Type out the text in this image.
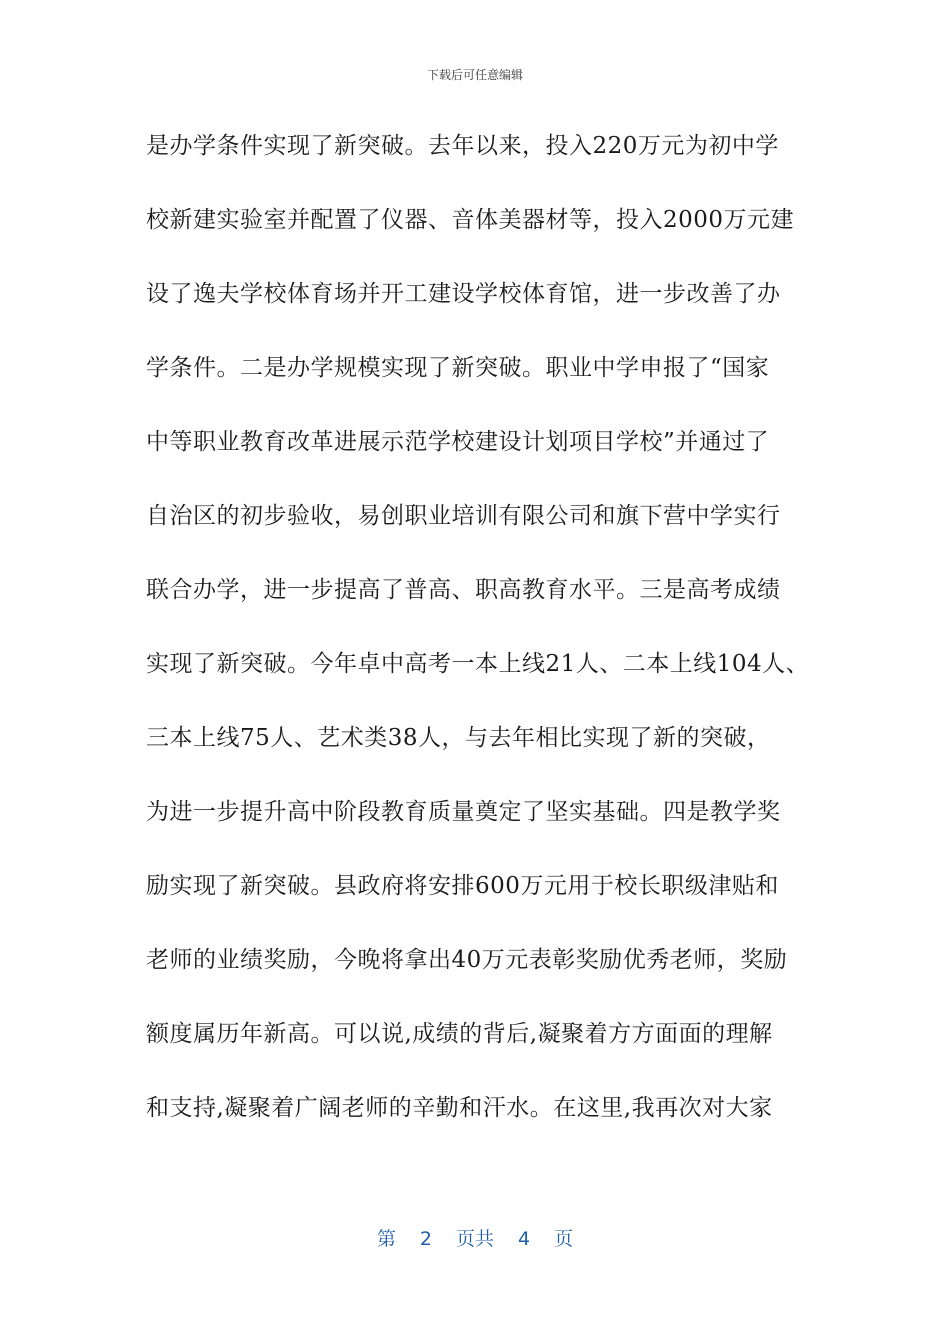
下载后可任意编辑
是办学条件实现了新突破。去年以来，投入220万元为初中学
校新建实验室并配置了仪器、音体美器材等，投入2000万元建
设了逸夫学校体育场并开工建设学校体育馆，进一步改善了办
学条件。二是办学规模实现了新突破。职业中学申报了“国家
中等职业教育改革进展示范学校建设计划项目学校”并通过了
自治区的初步验收，易创职业培训有限公司和旗下营中学实行
联合办学，进一步提高了普高、职高教育水平。三是高考成绩
实现了新突破。今年卓中高考一本上线21人、二本上线104人、
三本上线75人、艺术类38人，与去年相比实现了新的突破，
为进一步提升高中阶段教育质量奠定了坚实基础。四是教学奖
励实现了新突破。县政府将安排600万元用于校长职级津贴和
老师的业绩奖励，今晚将拿出40万元表彰奖励优秀老师，奖励
额度属历年新高。可以说,成绩的背后,凝聚着方方面面的理解
和支持,凝聚着广阔老师的辛勤和汗水。在这里,我再次对大家
第 2 页共 4 页
